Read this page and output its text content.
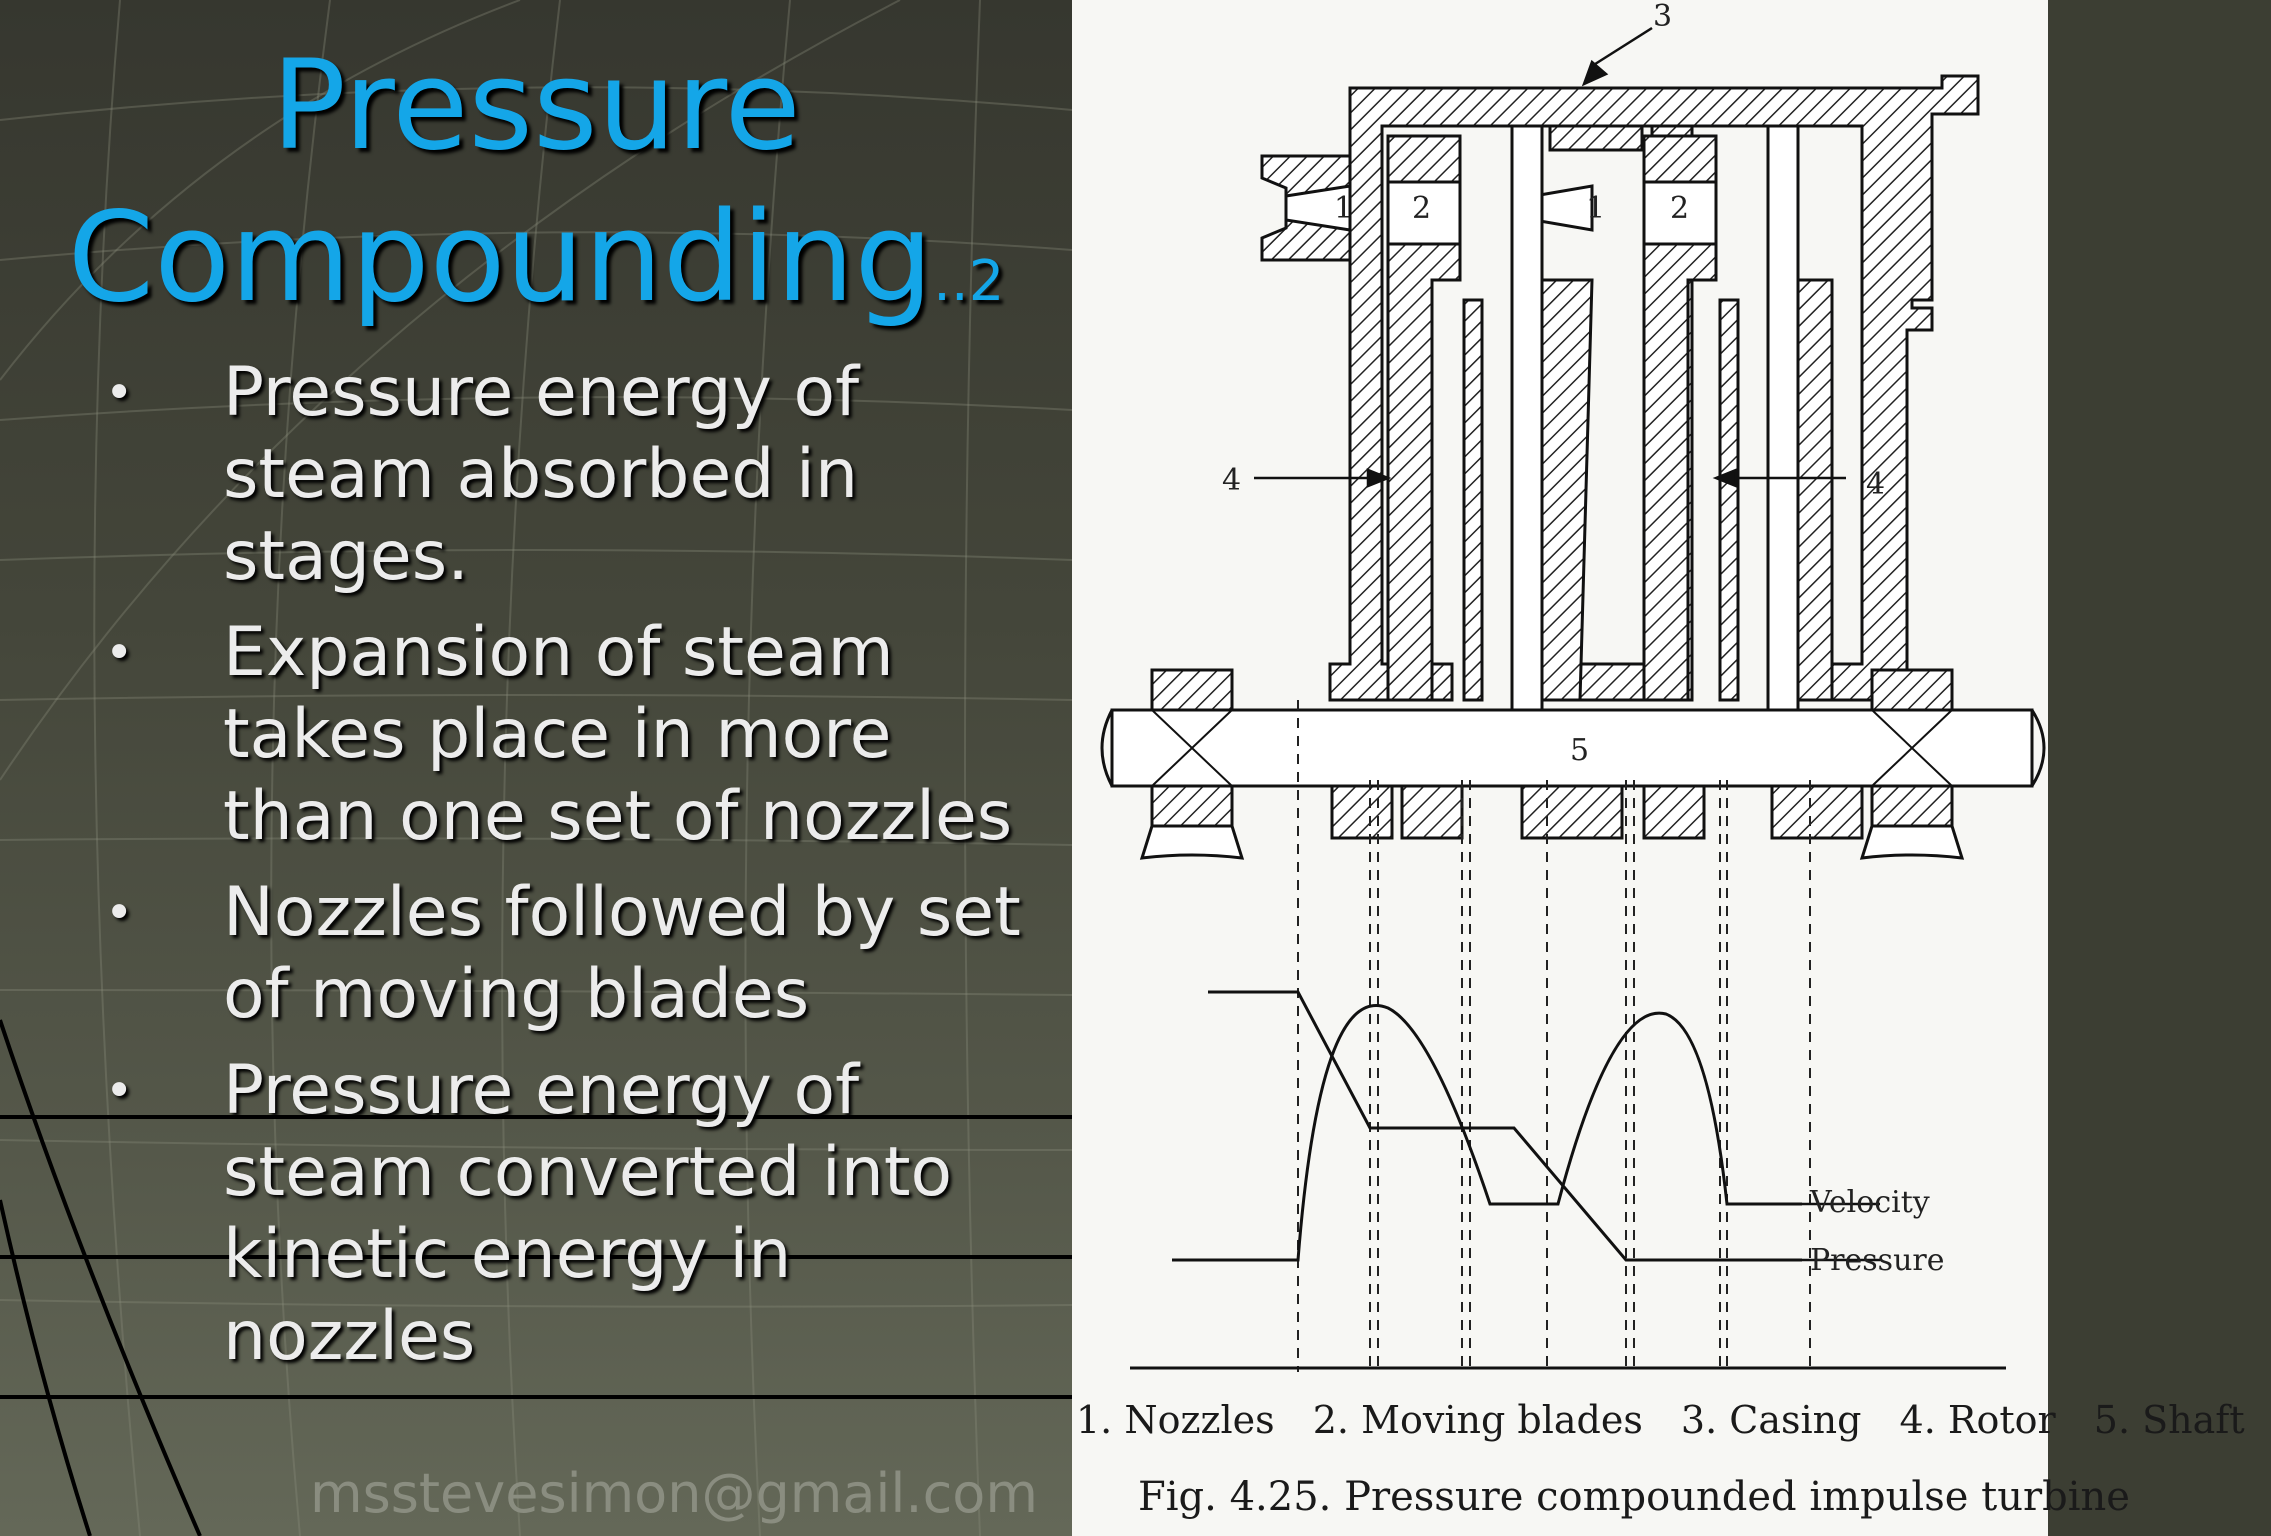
Pressure
Compounding..2
• Pressure energy of steam absorbed in stages.
• Expansion of steam takes place in more than one set of nozzles
• Nozzles followed by set of moving blades
• Pressure energy of steam converted into kinetic energy in nozzles
msstevesimon@gmail.com
3
1 2	1 2
4	4
5
Velocity
Pressure
1. Nozzles 2. Moving blades 3. Casing 4. Rotor 5. Shaft
Fig. 4.25. Pressure compounded impulse turbine
